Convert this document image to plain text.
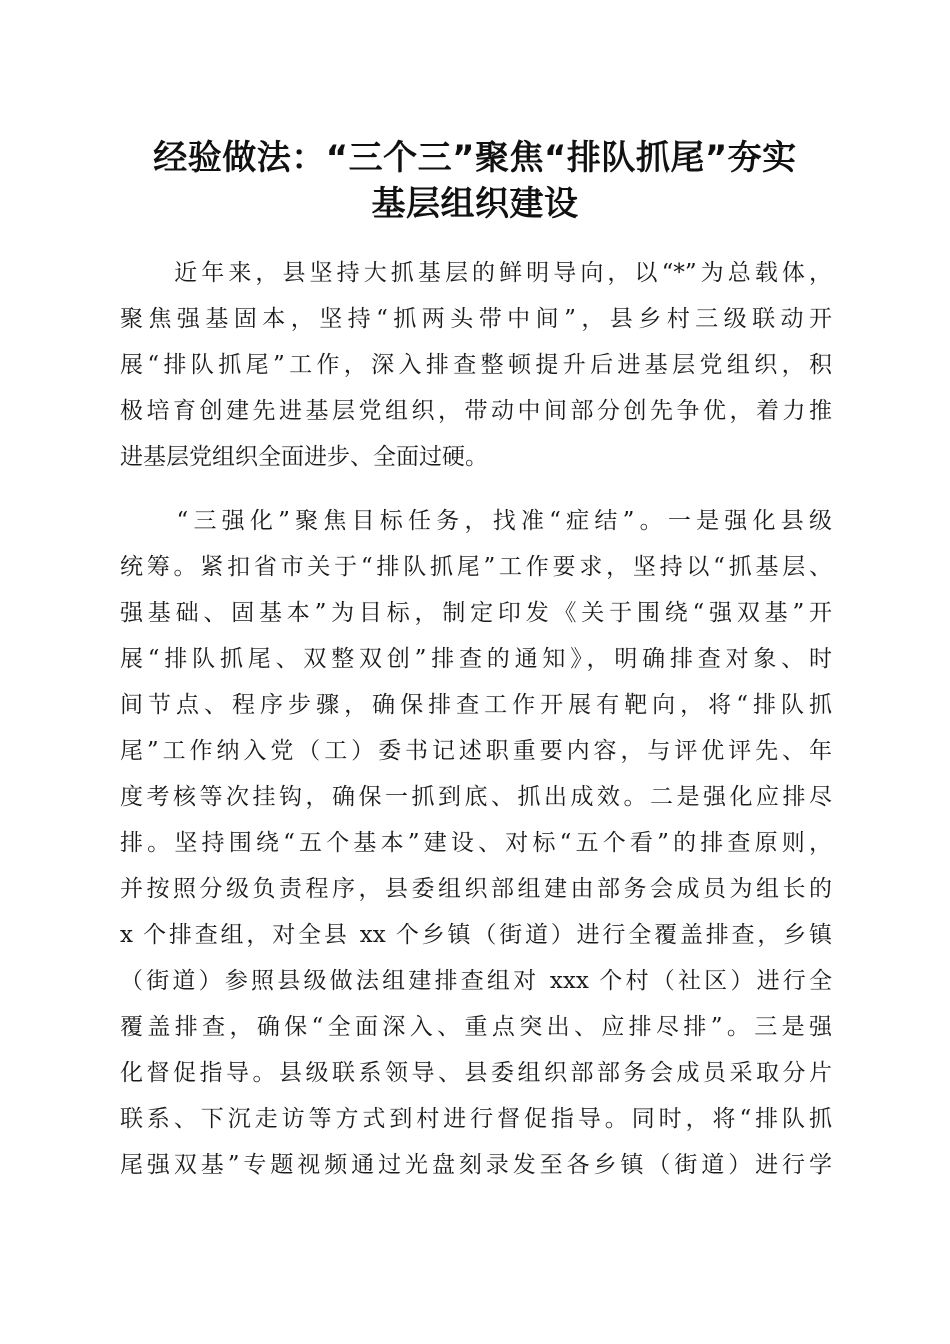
经验做法：“三个三”聚焦“排队抓尾”夯实
基层组织建设
　　近年来，县坚持大抓基层的鲜明导向，以“*”为总载体，
聚焦强基固本，坚持“抓两头带中间”，县乡村三级联动开
展“排队抓尾”工作，深入排查整顿提升后进基层党组织，积
极培育创建先进基层党组织，带动中间部分创先争优，着力推
进基层党组织全面进步、全面过硬。
　　“三强化”聚焦目标任务，找准“症结”。一是强化县级
统筹。紧扣省市关于“排队抓尾”工作要求，坚持以“抓基层、
强基础、固基本”为目标，制定印发《关于围绕“强双基”开
展“排队抓尾、双整双创”排查的通知》，明确排查对象、时
间节点、程序步骤，确保排查工作开展有靶向，将“排队抓
尾”工作纳入党（工）委书记述职重要内容，与评优评先、年
度考核等次挂钩，确保一抓到底、抓出成效。二是强化应排尽
排。坚持围绕“五个基本”建设、对标“五个看”的排查原则，
并按照分级负责程序，县委组织部组建由部务会成员为组长的
x 个排查组，对全县 xx 个乡镇（街道）进行全覆盖排查，乡镇
（街道）参照县级做法组建排查组对 xxx 个村（社区）进行全
覆盖排查，确保“全面深入、重点突出、应排尽排”。三是强
化督促指导。县级联系领导、县委组织部部务会成员采取分片
联系、下沉走访等方式到村进行督促指导。同时，将“排队抓
尾强双基”专题视频通过光盘刻录发至各乡镇（街道）进行学
